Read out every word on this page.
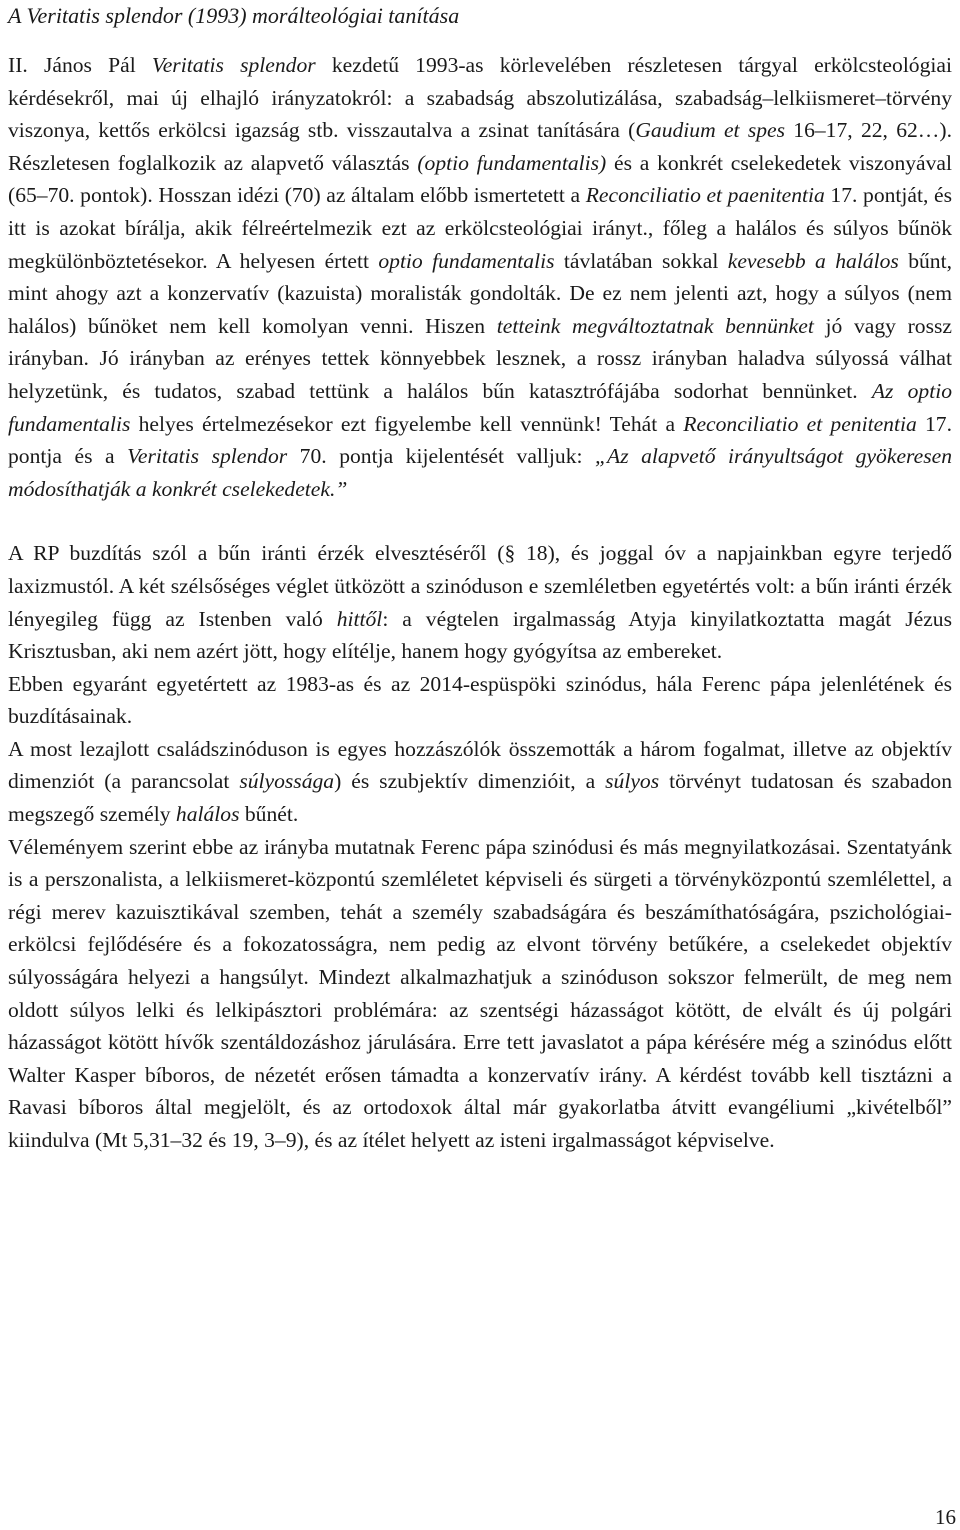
A Veritatis splendor (1993) morálteológiai tanítása

II. János Pál Veritatis splendor kezdetű 1993-as körlevelében részletesen tárgyal erkölcsteológiai kérdésekről, mai új elhajló irányzatokról: a szabadság abszolutizálása, szabadság–lelkiismeret–törvény viszonya, kettős erkölcsi igazság stb. visszautalva a zsinat tanítására (Gaudium et spes 16–17, 22, 62…). Részletesen foglalkozik az alapvető választás (optio fundamentalis) és a konkrét cselekedetek viszonyával (65–70. pontok). Hosszan idézi (70) az általam előbb ismertetett a Reconciliatio et paenitentia 17. pontját, és itt is azokat bírálja, akik félreértelmezik ezt az erkölcsteológiai irányt., főleg a halálos és súlyos bűnök megkülönböztetésekor. A helyesen értett optio fundamentalis távlatában sokkal kevesebb a halálos bűnt, mint ahogy azt a konzervatív (kazuista) moralisták gondolták. De ez nem jelenti azt, hogy a súlyos (nem halálos) bűnöket nem kell komolyan venni. Hiszen tetteink megváltoztatnak bennünket jó vagy rossz irányban. Jó irányban az erényes tettek könnyebbek lesznek, a rossz irányban haladva súlyossá válhat helyzetünk, és tudatos, szabad tettünk a halálos bűn katasztrófájába sodorhat bennünket. Az optio fundamentalis helyes értelmezésekor ezt figyelembe kell vennünk! Tehát a Reconciliatio et penitentia 17. pontja és a Veritatis splendor 70. pontja kijelentését valljuk: „Az alapvető irányultságot gyökeresen módosíthatják a konkrét cselekedetek.”

A RP buzdítás szól a bűn iránti érzék elvesztéséről (§ 18), és joggal óv a napjainkban egyre terjedő laxizmustól. A két szélsőséges véglet ütközött a szinóduson e szemléletben egyetértés volt: a bűn iránti érzék lényegileg függ az Istenben való hittől: a végtelen irgalmasság Atyja kinyilatkoztatta magát Jézus Krisztusban, aki nem azért jött, hogy elítélje, hanem hogy gyógyítsa az embereket.

Ebben egyaránt egyetértett az 1983-as és az 2014-espüspöki szinódus, hála Ferenc pápa jelenlétének és buzdításainak.

A most lezajlott családszinóduson is egyes hozzászólók összemották a három fogalmat, illetve az objektív dimenziót (a parancsolat súlyossága) és szubjektív dimenzióit, a súlyos törvényt tudatosan és szabadon megszegő személy halálos bűnét.

Véleményem szerint ebbe az irányba mutatnak Ferenc pápa szinódusi és más megnyilatkozásai. Szentatyánk is a perszonalista, a lelkiismeret-központú szemléletet képviseli és sürgeti a törvényközpontú szemlélettel, a régi merev kazuisztikával szemben, tehát a személy szabadságára és beszámíthatóságára, pszichológiai-erkölcsi fejlődésére és a fokozatosságra, nem pedig az elvont törvény betűkére, a cselekedet objektív súlyosságára helyezi a hangsúlyt. Mindezt alkalmazhatjuk a szinóduson sokszor felmerült, de meg nem oldott súlyos lelki és lelkipásztori problémára: az szentségi házasságot kötött, de elvált és új polgári házasságot kötött hívők szentáldozáshoz járulására. Erre tett javaslatot a pápa kérésére még a szinódus előtt Walter Kasper bíboros, de nézetét erősen támadta a konzervatív irány. A kérdést tovább kell tisztázni a Ravasi bíboros által megjelölt, és az ortodoxok által már gyakorlatba átvitt evangéliumi „kivételből” kiindulva (Mt 5,31–32 és 19, 3–9), és az ítélet helyett az isteni irgalmasságot képviselve.

16
